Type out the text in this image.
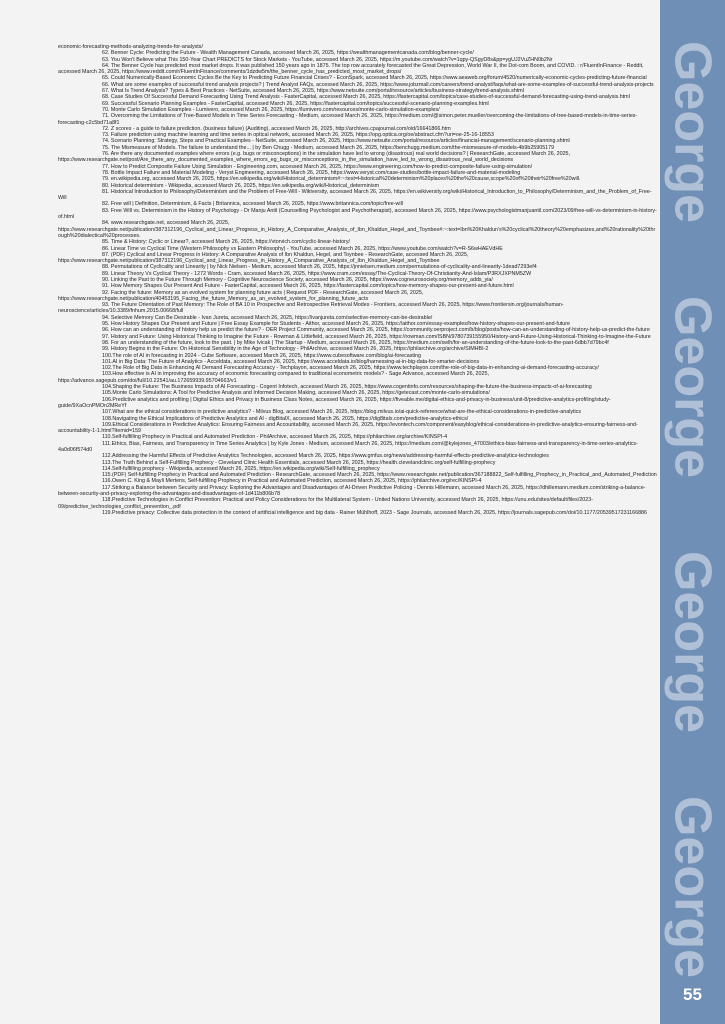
economic-forecasting-methods-analyzing-trends-for-analysts/

62. Benner Cycle: Predicting the Future - Wealth Management Canada, accessed March 26, 2025, https://wealthmanagementcanada.com/blog/benner-cycle/

63. You Won't Believe what This 150-Year Chart PREDICTS for Stock Markets - YouTube, accessed March 26, 2025, https://m.youtube.com/watch?v=1qpy-QSgyD8s&pp=ygUJ2VuZHN0b2Nr

64. The Benner Cycle has predicted most market drops. It was published 150 years ago in 1875. The top row accurately forecasted the Great Depression, World War II, the Dot-com Boom, and COVID. : r/FluentInFinance - Reddit, accessed March 26, 2025, https://www.reddit.com/r/FluentInFinance/comments/1dzdw5m/the_benner_cycle_has_predicted_most_market_drops/

65. Could Numerically-Based Economic Cycles Be the Key to Predicting Future Financial Crises? - EconSpark, accessed March 26, 2025, https://www.aeaweb.org/forum/4520/numerically-economic-cycles-predicting-future-financial

66. What are some examples of successful trend analysis projects? | Trend Analyst FAQs, accessed March 26, 2025, https://www.jobzmall.com/careers/trend-analyst/faqs/what-are-some-examples-of-successful-trend-analysis-projects

67. What Is Trend Analysis? Types & Best Practices - NetSuite, accessed March 26, 2025, https://www.netsuite.com/portal/resource/articles/business-strategy/trend-analysis.shtml

68. Case Studies Of Successful Demand Forecasting Using Trend Analysis - FasterCapital, accessed March 26, 2025, https://fastercapital.com/topics/case-studies-of-successful-demand-forecasting-using-trend-analysis.html

69. Successful Scenario Planning Examples - FasterCapital, accessed March 26, 2025, https://fastercapital.com/topics/successful-scenario-planning-examples.html

70. Monte Carlo Simulation Examples - Lumivero, accessed March 26, 2025, https://lumivero.com/resources/monte-carlo-simulation-examples/

71. Overcoming the Limitations of Tree-Based Models in Time Series Forecasting - Medium, accessed March 26, 2025, https://medium.com/@simon.peter.mueller/overcoming-the-limitations-of-tree-based-models-in-time-series-forecasting-c2c5bd71a8f1

72. Z scores - a guide to failure prediction. (business failure) (Auditing), accessed March 26, 2025, http://archives.cpajournal.com/old/16641866.htm

73. Failure prediction using machine learning and time series in optical network, accessed March 26, 2025, https://opg.optica.org/oe/abstract.cfm?uri=oe-25-16-18553

74. Scenario Planning: Strategy, Steps and Practical Examples - NetSuite, accessed March 26, 2025, https://www.netsuite.com/portal/resource/articles/financial-management/scenario-planning.shtml

75. The Mismeasure of Models. The failure to understand the... | by Ben Chugg - Medium, accessed March 26, 2025, https://benchugg.medium.com/the-mismeasure-of-models-4b9b25905179

76. Are there any documented examples where errors (e.g. bugs or misconceptions) in the simulation have led to wrong (disastrous) real world decisions? | ResearchGate, accessed March 26, 2025, https://www.researchgate.net/post/Are_there_any_documented_examples_where_errors_eg_bugs_or_misconceptions_in_the_simulation_have_led_to_wrong_disastrous_real_world_decisions

77. How to Predict Composite Failure Using Simulation - Engineering.com, accessed March 26, 2025, https://www.engineering.com/how-to-predict-composite-failure-using-simulation/

78. Bottle Impact Failure and Material Modeling - Veryst Engineering, accessed March 26, 2025, https://www.veryst.com/case-studies/bottle-impact-failure-and-material-modeling

79. en.wikipedia.org, accessed March 26, 2025, https://en.wikipedia.org/wiki/Historical_determinism#:~:text=Historical%20determinism%20places%20the%20cause,scope%20of%20their%20free%20will.

80. Historical determinism - Wikipedia, accessed March 26, 2025, https://en.wikipedia.org/wiki/Historical_determinism

81. Historical Introduction to Philosophy/Determinism and the Problem of Free-Will - Wikiversity, accessed March 26, 2025, https://en.wikiversity.org/wiki/Historical_Introduction_to_Philosophy/Determinism_and_the_Problem_of_Free-Will

82. Free will | Definition, Determinism, & Facts | Britannica, accessed March 26, 2025, https://www.britannica.com/topic/free-will

83. Free Will vs. Determinism in the History of Psychology - Dr Manju Antil (Counselling Psychologist and Psychotherapist), accessed March 26, 2025, https://www.psychologistmanjuantil.com/2023/09/free-will-vs-determinism-in-history-of.html

84. www.researchgate.net, accessed March 26, 2025, https://www.researchgate.net/publication/387312196_Cyclical_and_Linear_Progress_in_History_A_Comparative_Analysis_of_Ibn_Khaldun_Hegel_and_Toynbee#:~:text=Ibn%20Khaldun's%20cyclical%20theory%20emphasizes,and%20rationality%20through%20dialectical%20processes.

85. Time & History: Cyclic or Linear?, accessed March 26, 2025, https://vtorvich.com/cyclic-linear-history/

86. Linear Time vs Cyclical Time (Western Philosophy vs Eastern Philosophy) - YouTube, accessed March 26, 2025, https://www.youtube.com/watch?v=R-S6wHAEVdHE

87. (PDF) Cyclical and Linear Progress in History: A Comparative Analysis of Ibn Khaldun, Hegel, and Toynbee - ResearchGate, accessed March 26, 2025, https://www.researchgate.net/publication/387312196_Cyclical_and_Linear_Progress_in_History_A_Comparative_Analysis_of_Ibn_Khaldun_Hegel_and_Toynbee

88. Permutations of Cyclicality and Linearity | by Nick Nielsen - Medium, accessed March 26, 2025, https://jnnielsen.medium.com/permutations-of-cyclicality-and-linearity-1dead7293ef4

89. Linear Theory Vs Cyclical Theory - 1272 Words - Cram, accessed March 26, 2025, https://www.cram.com/essay/The-Cyclical-Theory-Of-Christianity-And-Islam/P3RXJXPNM5ZW

90. Linking the Past to the Future Through Memory - Cognitive Neuroscience Society, accessed March 26, 2025, https://www.cogneurosociety.org/memory_adds_yia/

91. How Memory Shapes Our Present And Future - FasterCapital, accessed March 26, 2025, https://fastercapital.com/topics/how-memory-shapes-our-present-and-future.html

92. Facing the future: Memory as an evolved system for planning future acts | Request PDF - ResearchGate, accessed March 26, 2025, https://www.researchgate.net/publication/40453195_Facing_the_future_Memory_as_an_evolved_system_for_planning_future_acts

93. The Future Orientation of Past Memory: The Role of BA 10 in Prospective and Retrospective Retrieval Modes - Frontiers, accessed March 26, 2025, https://www.frontiersin.org/journals/human-neuroscience/articles/10.3389/fnhum.2015.00668/full

94. Selective Memory Can Be Desirable - Ivan Jureta, accessed March 26, 2025, https://ivanjureta.com/selective-memory-can-be-desirable/

95. How History Shapes Our Present and Future | Free Essay Example for Students - Aithor, accessed March 26, 2025, https://aithor.com/essay-examples/how-history-shapes-our-present-and-future

96. How can an understanding of history help us predict the future? - OER Project Community, accessed March 26, 2025, https://community.oerproject.com/b/blog/posts/how-can-an-understanding-of-history-help-us-predict-the-future

97. History and Future: Using Historical Thinking to Imagine the Future - Rowman & Littlefield, accessed March 26, 2025, https://rowman.com/ISBN/9780739155950/History-and-Future-Using-Historical-Thinking-to-Imagine-the-Future

98. For an understanding of the future, look to the past. | by Mike Ivicak | The Startup - Medium, accessed March 26, 2025, https://medium.com/swlh/for-an-understanding-of-the-future-look-to-the-past-6dbb7d79bc4f

99. History Begins in the Future: On Historical Sensibility in the Age of Technology - PhilArchive, accessed March 26, 2025, https://philarchive.org/archive/SIMHBI-2

100.The role of AI in forecasting in 2024 - Cube Software, accessed March 26, 2025, https://www.cubesoftware.com/blog/ai-forecasting

101.AI in Big Data: The Future of Analytics - Acceldata, accessed March 26, 2025, https://www.acceldata.io/blog/harnessing-ai-in-big-data-for-smarter-decisions

102.The Role of Big Data in Enhancing AI Demand Forecasting Accuracy - Techplayon, accessed March 26, 2025, https://www.techplayon.com/the-role-of-big-data-in-enhancing-ai-demand-forecasting-accuracy/

103.How effective is AI in improving the accuracy of economic forecasting compared to traditional econometric models? - Sage Advance, accessed March 26, 2025, https://advance.sagepub.com/doi/full/10.22541/au.172659939.95704663/v1

104.Shaping the Future: The Business Impacts of AI Forecasting - Cogent Infotech, accessed March 26, 2025, https://www.cogentinfo.com/resources/shaping-the-future-the-business-impacts-of-ai-forecasting

105.Monte Carlo Simulations: A Tool for Predictive Analysis and Informed Decision Making, accessed March 26, 2025, https://getecast.com/monte-carlo-simulations/

106.Predictive analytics and profiling | Digital Ethics and Privacy in Business Class Notes, accessed March 26, 2025, https://fiveable.me/digital-ethics-and-privacy-in-business/unit-8/predictive-analytics-profiling/study-guide/9XaOcnPMOn2MReYf

107.What are the ethical considerations in predictive analytics? - Milvus Blog, accessed March 26, 2025, https://blog.milvus.io/ai-quick-reference/what-are-the-ethical-considerations-in-predictive-analytics

108.Navigating the Ethical Implications of Predictive Analytics and AI - digBitalX, accessed March 26, 2025, https://dig8italx.com/predictive-analytics-ethics/

109.Ethical Considerations in Predictive Analytics: Ensuring Fairness and Accountability, accessed March 26, 2025, https://evontech.com/component/easyblog/ethical-considerations-in-predictive-analytics-ensuring-fairness-and-accountability-1-1.html?Itemid=159

110.Self-fulfilling Prophecy in Practical and Automated Prediction - PhilArchive, accessed March 26, 2025, https://philarchive.org/archive/KINSPI-4

111.Ethics, Bias, Fairness, and Transparency in Time Series Analytics | by Kyle Jones - Medium, accessed March 26, 2025, https://medium.com/@kylejones_47003/ethics-bias-fairness-and-transparency-in-time-series-analytics-4a0d06f574d0

112.Addressing the Harmful Effects of Predictive Analytics Technologies, accessed March 26, 2025, https://www.gmfus.org/news/addressing-harmful-effects-predictive-analytics-technologies

113.The Truth Behind a Self-Fulfilling Prophecy - Cleveland Clinic Health Essentials, accessed March 26, 2025, https://health.clevelandclinic.org/self-fulfilling-prophecy

114.Self-fulfilling prophecy - Wikipedia, accessed March 26, 2025, https://en.wikipedia.org/wiki/Self-fulfilling_prophecy

115.(PDF) Self-fulfilling Prophecy in Practical and Automated Prediction - ResearchGate, accessed March 26, 2025, https://www.researchgate.net/publication/367188822_Self-fulfilling_Prophecy_in_Practical_and_Automated_Prediction

116.Owen C. King & Mayli Mertens, Self-fulfilling Prophecy in Practical and Automated Prediction, accessed March 26, 2025, https://philarchive.org/rec/KINSPI-4

117.Striking a Balance between Security and Privacy: Exploring the Advantages and Disadvantages of AI-Driven Predictive Policing - Dennis Hillemann, accessed March 26, 2025, https://dhillemann.medium.com/striking-a-balance-between-security-and-privacy-exploring-the-advantages-and-disadvantages-of-1d411b806b78

118.Predictive Technologies in Conflict Prevention: Practical and Policy Considerations for the Multilateral System - United Nations University, accessed March 26, 2025, https://unu.edu/sites/default/files/2023-09/predictive_technologies_conflict_prevention_.pdf

119.Predictive privacy: Collective data protection in the context of artificial intelligence and big data - Rainer Mühlhoff, 2023 - Sage Journals, accessed March 26, 2025, https://journals.sagepub.com/doi/10.1177/20539517231166886

George
George
George
George
55
